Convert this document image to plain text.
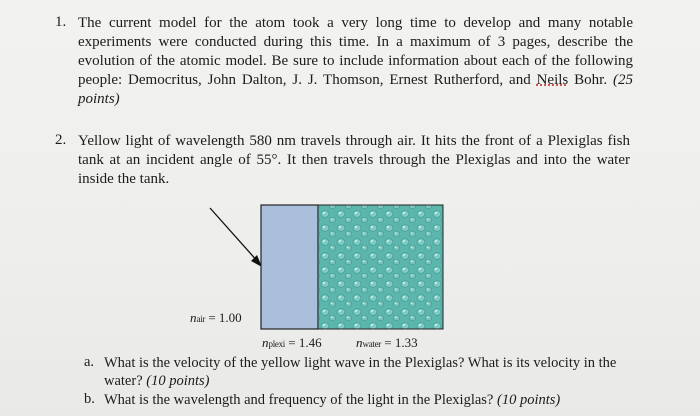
1. The current model for the atom took a very long time to develop and many notable experiments were conducted during this time. In a maximum of 3 pages, describe the evolution of the atomic model. Be sure to include information about each of the following people: Democritus, John Dalton, J. J. Thomson, Ernest Rutherford, and Neils Bohr. (25 points)
2. Yellow light of wavelength 580 nm travels through air. It hits the front of a Plexiglas fish tank at an incident angle of 55°. It then travels through the Plexiglas and into the water inside the tank.
nair = 1.00
nplexi = 1.46	nwater = 1.33
a. What is the velocity of the yellow light wave in the Plexiglas? What is its velocity in the water? (10 points)
b. What is the wavelength and frequency of the light in the Plexiglas? (10 points)
